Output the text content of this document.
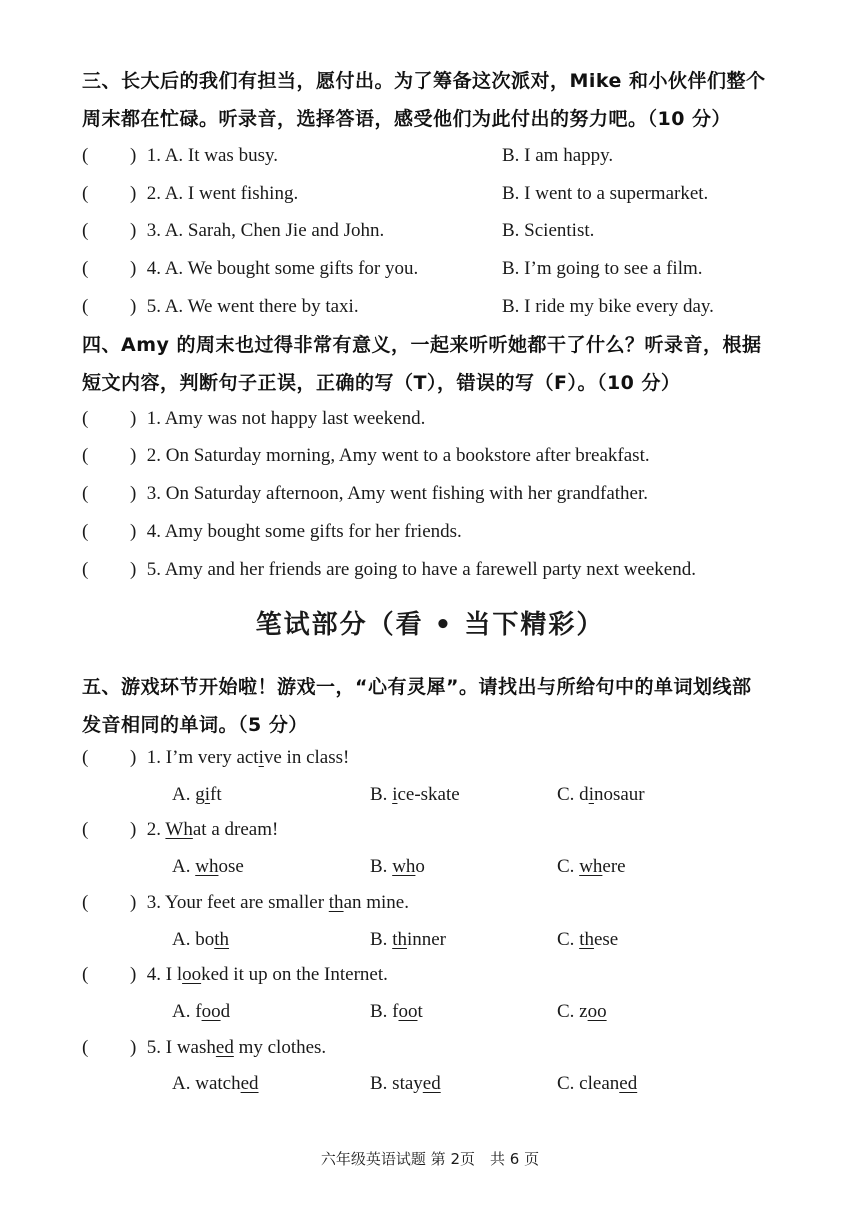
三、长大后的我们有担当，愿付出。为了筹备这次派对，Mike 和小伙伴们整个
周末都在忙碌。听录音，选择答语，感受他们为此付出的努力吧。（10 分）
( ) 1. A. It was busy.	B. I am happy.
( ) 2. A. I went fishing.	B. I went to a supermarket.
( ) 3. A. Sarah, Chen Jie and John.	B. Scientist.
( ) 4. A. We bought some gifts for you.	B. I’m going to see a film.
( ) 5. A. We went there by taxi.	B. I ride my bike every day.
四、Amy 的周末也过得非常有意义，一起来听听她都干了什么？听录音，根据
短文内容，判断句子正误，正确的写（T），错误的写（F）。（10 分）
( ) 1. Amy was not happy last weekend.
( ) 2. On Saturday morning, Amy went to a bookstore after breakfast.
( ) 3. On Saturday afternoon, Amy went fishing with her grandfather.
( ) 4. Amy bought some gifts for her friends.
( ) 5. Amy and her friends are going to have a farewell party next weekend.
笔试部分（看 • 当下精彩）
五、游戏环节开始啦！游戏一，“心有灵犀”。请找出与所给句中的单词划线部
发音相同的单词。（5 分）
( ) 1. I’m very active in class!
A. gift	B. ice-skate	C. dinosaur
( ) 2. What a dream!
A. whose	B. who	C. where
( ) 3. Your feet are smaller than mine.
A. both	B. thinner	C. these
( ) 4. I looked it up on the Internet.
A. food	B. foot	C. zoo
( ) 5. I washed my clothes.
A. watched	B. stayed	C. cleaned
六年级英语试题 第 2页　共 6 页
